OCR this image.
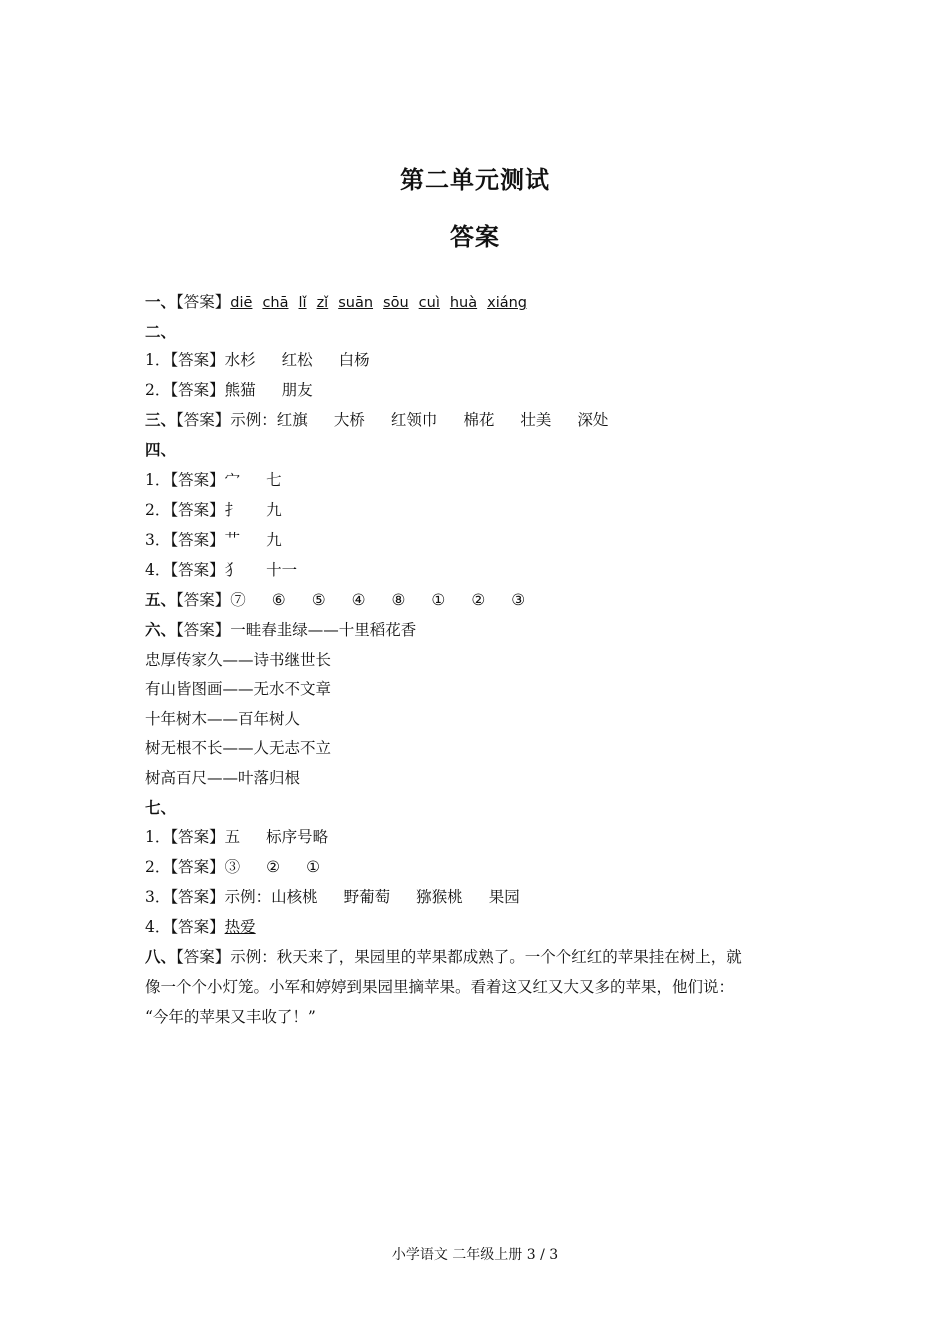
第二单元测试
答案
一、【答案】diē chā lǐ zǐ suān sōu cuì huà xiáng
二、
1．【答案】水杉 红松 白杨
2．【答案】熊猫 朋友
三、【答案】示例：红旗 大桥 红领巾 棉花 壮美 深处
四、
1．【答案】宀 七
2．【答案】扌 九
3．【答案】艹 九
4．【答案】犭 十一
五、【答案】⑦ ⑥ ⑤ ④ ⑧ ① ② ③
六、【答案】一畦春韭绿——十里稻花香
忠厚传家久——诗书继世长
有山皆图画——无水不文章
十年树木——百年树人
树无根不长——人无志不立
树高百尺——叶落归根
七、
1．【答案】五 标序号略
2．【答案】③ ② ①
3．【答案】示例：山核桃 野葡萄 猕猴桃 果园
4．【答案】热爱
八、【答案】示例：秋天来了，果园里的苹果都成熟了。一个个红红的苹果挂在树上，就
像一个个小灯笼。小军和婷婷到果园里摘苹果。看着这又红又大又多的苹果，他们说：
“今年的苹果又丰收了！”
小学语文 二年级上册 3 / 3
